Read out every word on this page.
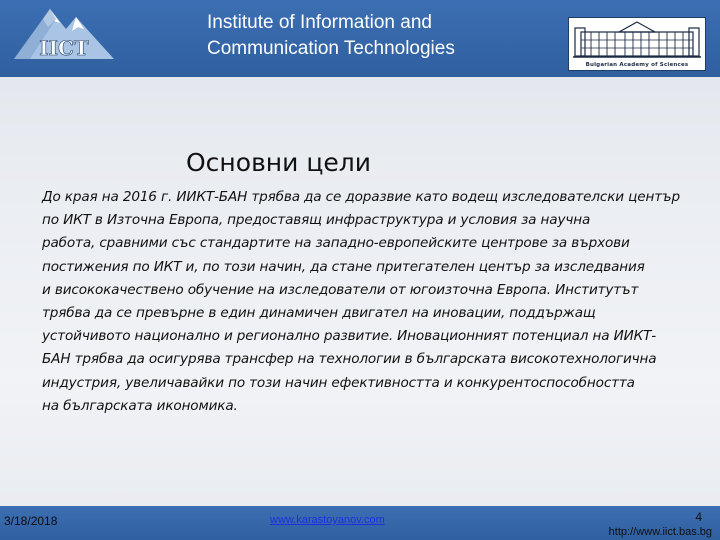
IICT
Institute of Information and
Communication Technologies
Bulgarian Academy of Sciences
Основни цели
До края на 2016 г. ИИКТ-БАН трябва да се доразвие като водещ изследователски център
по ИКТ в Източна Европа, предоставящ инфраструктура и условия за научна
работа, сравними със стандартите на западно-европейските центрове за върхови
постижения по ИКТ и, по този начин, да стане притегателен център за изследвания
и висококачествено обучение на изследователи от югоизточна Европа. Институтът
трябва да се превърне в един динамичен двигател на иновации, поддържащ
устойчивото национално и регионално развитие. Иновационният потенциал на ИИКТ-
БАН трябва да осигурява трансфер на технологии в българската високотехнологична
индустрия, увеличавайки по този начин ефективността и конкурентоспособността
на българската икономика.
3/18/2018	www.karastoyanov.com	4
http://www.iict.bas.bg
